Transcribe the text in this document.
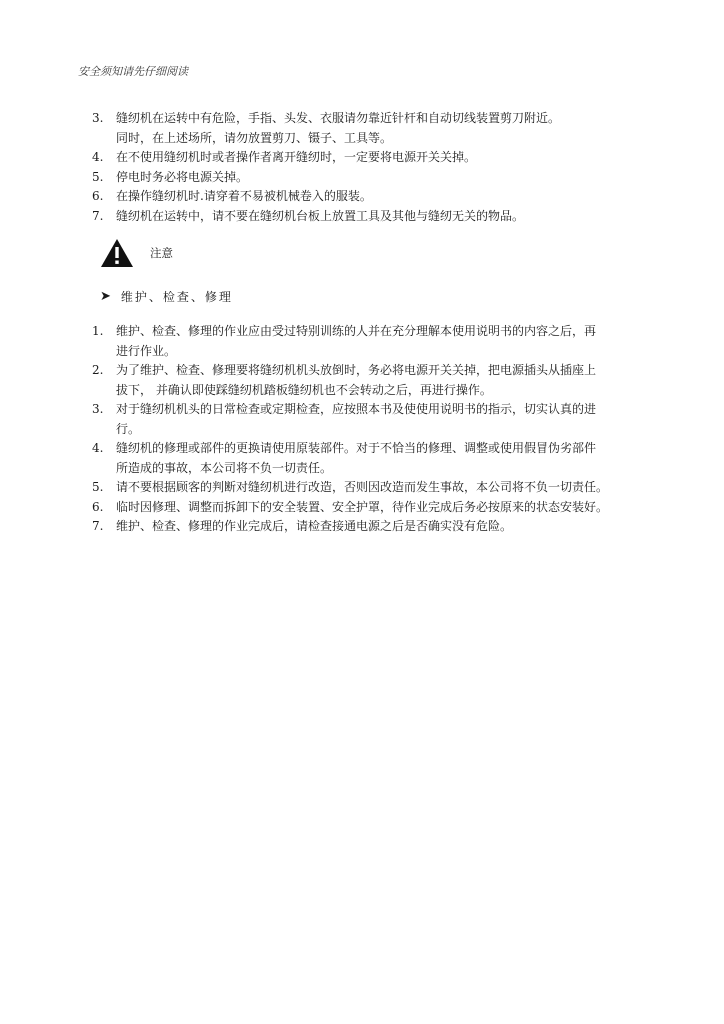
安全须知请先仔细阅读
3.	缝纫机在运转中有危险，手指、头发、衣服请勿靠近针杆和自动切线装置剪刀附近。
同时，在上述场所，请勿放置剪刀、镊子、工具等。
4.	在不使用缝纫机时或者操作者离开缝纫时，一定要将电源开关关掉。
5.	停电时务必将电源关掉。
6.	在操作缝纫机时.请穿着不易被机械卷入的服装。
7.	缝纫机在运转中，请不要在缝纫机台板上放置工具及其他与缝纫无关的物品。
注意
➤ 维护、检查、修理
1.	维护、检查、修理的作业应由受过特别训练的人并在充分理解本使用说明书的内容之后，再
进行作业。
2.	为了维护、检查、修理要将缝纫机机头放倒时，务必将电源开关关掉，把电源插头从插座上
拔下， 并确认即使踩缝纫机踏板缝纫机也不会转动之后，再进行操作。
3.	对于缝纫机机头的日常检查或定期检查，应按照本书及使使用说明书的指示，切实认真的进
行。
4.	缝纫机的修理或部件的更换请使用原装部件。对于不恰当的修理、调整或使用假冒伪劣部件
所造成的事故，本公司将不负一切责任。
5.	请不要根据顾客的判断对缝纫机进行改造，否则因改造而发生事故，本公司将不负一切责任。
6.	临时因修理、调整而拆卸下的安全装置、安全护罩，待作业完成后务必按原来的状态安装好。
7.	维护、检查、修理的作业完成后，请检查接通电源之后是否确实没有危险。
